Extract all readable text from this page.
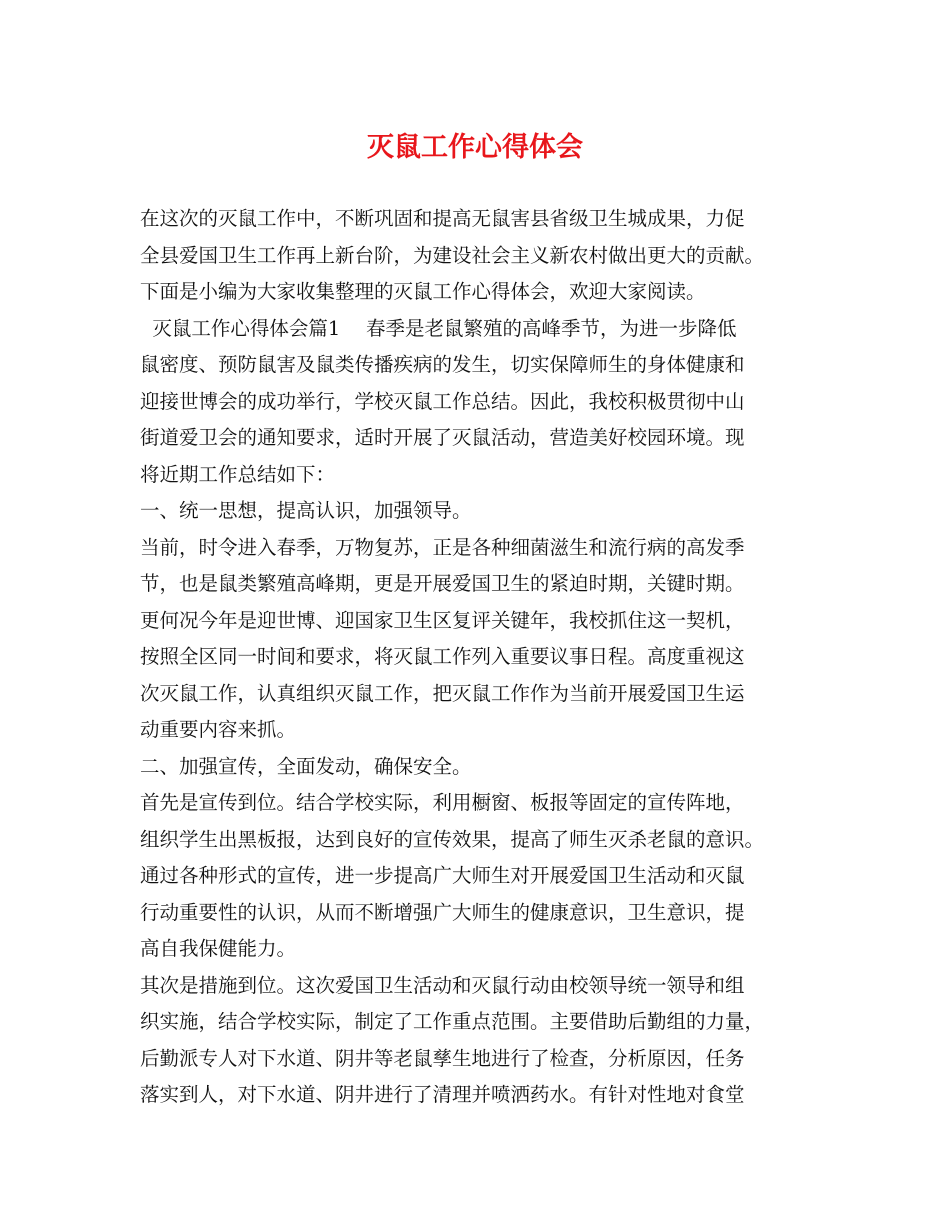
灭鼠工作心得体会
在这次的灭鼠工作中，不断巩固和提高无鼠害县省级卫生城成果，力促
全县爱国卫生工作再上新台阶，为建设社会主义新农村做出更大的贡献。
下面是小编为大家收集整理的灭鼠工作心得体会，欢迎大家阅读。
灭鼠工作心得体会篇1　 春季是老鼠繁殖的高峰季节，为进一步降低
鼠密度、预防鼠害及鼠类传播疾病的发生，切实保障师生的身体健康和
迎接世博会的成功举行，学校灭鼠工作总结。因此，我校积极贯彻中山
街道爱卫会的通知要求，适时开展了灭鼠活动，营造美好校园环境。现
将近期工作总结如下：
一、统一思想，提高认识，加强领导。
当前，时令进入春季，万物复苏，正是各种细菌滋生和流行病的高发季
节，也是鼠类繁殖高峰期，更是开展爱国卫生的紧迫时期，关键时期。
更何况今年是迎世博、迎国家卫生区复评关键年，我校抓住这一契机，
按照全区同一时间和要求，将灭鼠工作列入重要议事日程。高度重视这
次灭鼠工作，认真组织灭鼠工作，把灭鼠工作作为当前开展爱国卫生运
动重要内容来抓。
二、加强宣传，全面发动，确保安全。
首先是宣传到位。结合学校实际，利用橱窗、板报等固定的宣传阵地，
组织学生出黑板报，达到良好的宣传效果，提高了师生灭杀老鼠的意识。
通过各种形式的宣传，进一步提高广大师生对开展爱国卫生活动和灭鼠
行动重要性的认识，从而不断增强广大师生的健康意识，卫生意识，提
高自我保健能力。
其次是措施到位。这次爱国卫生活动和灭鼠行动由校领导统一领导和组
织实施，结合学校实际，制定了工作重点范围。主要借助后勤组的力量，
后勤派专人对下水道、阴井等老鼠孳生地进行了检查，分析原因，任务
落实到人，对下水道、阴井进行了清理并喷洒药水。有针对性地对食堂
